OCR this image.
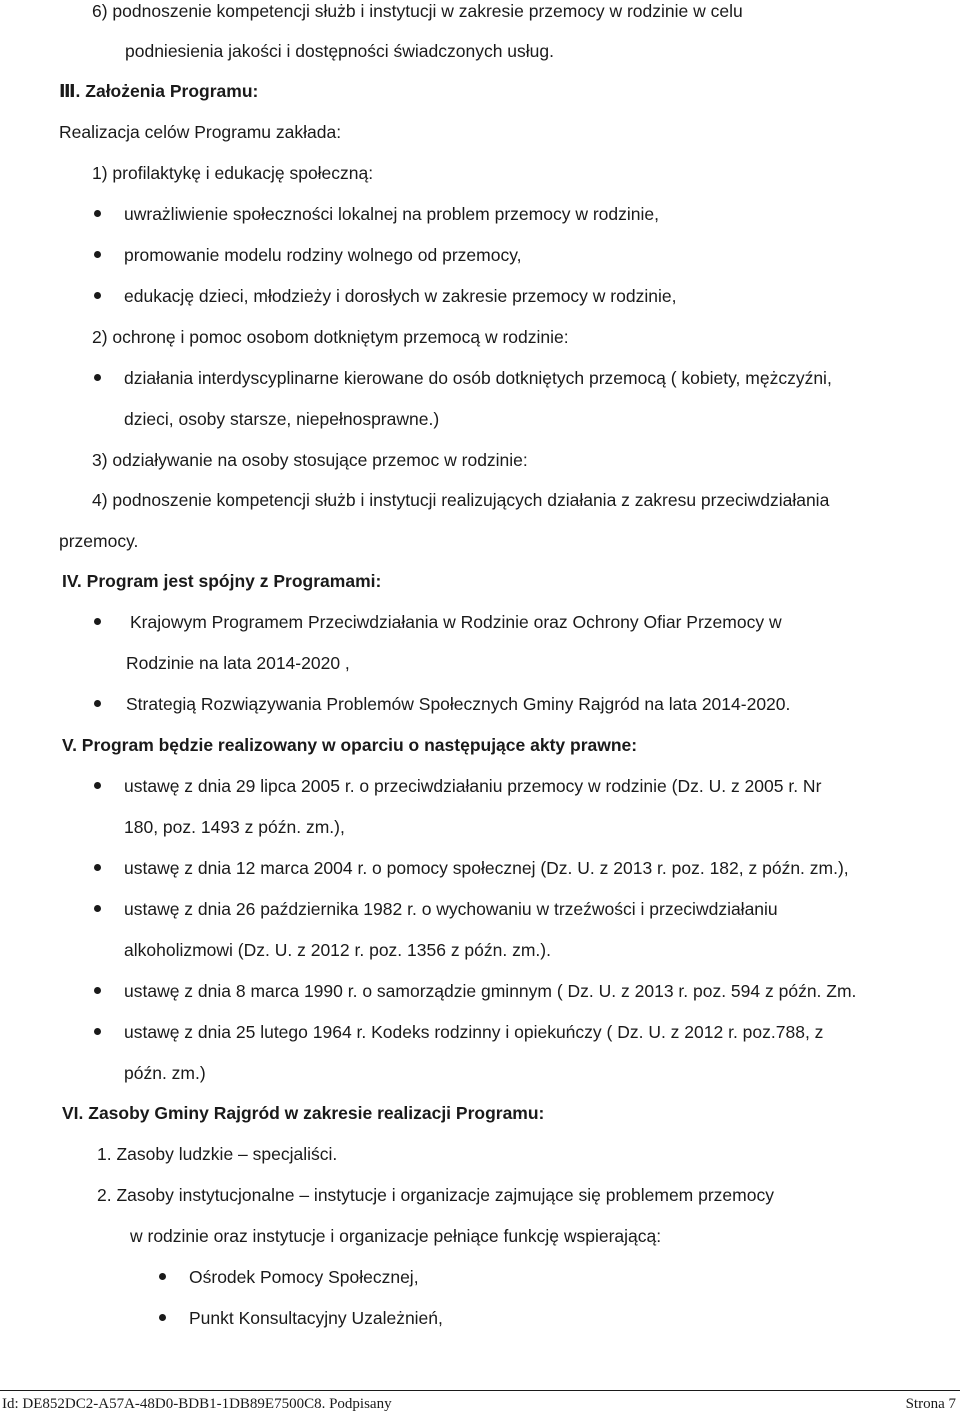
6) podnoszenie kompetencji służb i instytucji w zakresie przemocy w rodzinie w celu
podniesienia jakości i dostępności świadczonych usług.
Ⅲ. Założenia Programu:
Realizacja celów Programu zakłada:
1) profilaktykę i edukację społeczną:
uwrażliwienie społeczności lokalnej na problem przemocy w rodzinie,
promowanie modelu rodziny wolnego od przemocy,
edukację dzieci, młodzieży i dorosłych w zakresie przemocy w rodzinie,
2) ochronę i pomoc osobom dotkniętym przemocą w rodzinie:
działania interdyscyplinarne kierowane do osób dotkniętych przemocą ( kobiety, mężczyźni,
dzieci, osoby starsze, niepełnosprawne.)
3) odziaływanie na osoby stosujące przemoc w rodzinie:
4) podnoszenie kompetencji służb i instytucji realizujących działania z zakresu przeciwdziałania
przemocy.
IV. Program jest spójny z Programami:
Krajowym Programem Przeciwdziałania w Rodzinie oraz Ochrony Ofiar Przemocy w
Rodzinie na lata 2014-2020 ,
Strategią Rozwiązywania Problemów Społecznych Gminy Rajgród na lata 2014-2020.
V. Program będzie realizowany w oparciu o następujące akty prawne:
ustawę z dnia 29 lipca 2005 r. o przeciwdziałaniu przemocy w rodzinie (Dz. U. z 2005 r. Nr
180, poz. 1493 z późn. zm.),
ustawę z dnia 12 marca 2004 r. o pomocy społecznej (Dz. U. z 2013 r. poz. 182, z późn. zm.),
ustawę z dnia 26 października 1982 r. o wychowaniu w trzeźwości i przeciwdziałaniu
alkoholizmowi (Dz. U. z 2012 r. poz. 1356 z późn. zm.).
ustawę z dnia 8 marca 1990 r. o samorządzie gminnym ( Dz. U. z 2013 r. poz. 594 z późn. Zm.
ustawę z dnia 25 lutego 1964 r. Kodeks rodzinny i opiekuńczy ( Dz. U. z 2012 r. poz.788, z
późn. zm.)
VI. Zasoby Gminy Rajgród w zakresie realizacji Programu:
1. Zasoby ludzkie – specjaliści.
2. Zasoby instytucjonalne – instytucje i organizacje zajmujące się problemem przemocy
w rodzinie oraz instytucje i organizacje pełniące funkcję wspierającą:
Ośrodek Pomocy Społecznej,
Punkt Konsultacyjny Uzależnień,
Id: DE852DC2-A57A-48D0-BDB1-1DB89E7500C8. Podpisany	Strona 7
